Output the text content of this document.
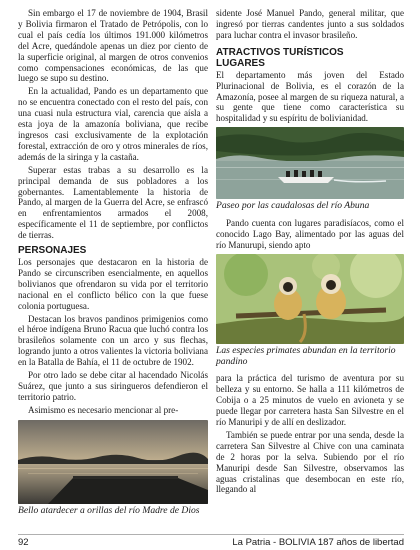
Sin embargo el 17 de noviembre de 1904, Brasil y Bolivia firmaron el Tratado de Petrópolis, con lo cual el país cedía los últimos 191.000 kilómetros del Acre, quedándole apenas un diez por ciento de la superficie original, al margen de otros convenios como compensaciones económicas, de las que luego se supo su destino.

En la actualidad, Pando es un departamento que no se encuentra conectado con el resto del país, con una cuasi nula estructura vial, carencia que aísla a esta joya de la amazonía boliviana, que recibe ingresos casi exclusivamente de la explotación forestal, extracción de oro y otros minerales de ríos, además de la siringa y la castaña.

Superar estas trabas a su desarrollo es la principal demanda de sus pobladores a los gobernantes. Lamentablemente la historia de Pando, al margen de la Guerra del Acre, se enfrascó en enfrentamientos armados el 2008, específicamente el 11 de septiembre, por conflictos de tierras.

PERSONAJES

Los personajes que destacaron en la historia de Pando se circunscriben esencialmente, en aquellos bolivianos que ofrendaron su vida por el territorio nacional en el conflicto bélico con la que fuese colonia portuguesa.

Destacan los bravos pandinos primigenios como el héroe indígena Bruno Racua que luchó contra los brasileños solamente con un arco y sus flechas, logrando junto a otros valientes la victoria boliviana en la Batalla de Bahía, el 11 de octubre de 1902.

Por otro lado se debe citar al hacendado Nicolás Suárez, que junto a sus siringueros defendieron el territorio patrio.

Asimismo es necesario mencionar al pre-

Bello atardecer a orillas del río Madre de Dios

sidente José Manuel Pando, general militar, que ingresó por tierras candentes junto a sus soldados para luchar contra el invasor brasileño.

ATRACTIVOS TURÍSTICOS
LUGARES

El departamento más joven del Estado Plurinacional de Bolivia, es el corazón de la Amazonía, posee al margen de su riqueza natural, a su gente que tiene como característica su hospitalidad y su espíritu de bolivianidad.

Paseo por las caudalosas del río Abuna

Pando cuenta con lugares paradisíacos, como el conocido Lago Bay, alimentado por las aguas del río Manurupi, siendo apto

Las especies primates abundan en la territorio pandino

para la práctica del turismo de aventura por su belleza y su entorno. Se halla a 111 kilómetros de Cobija o a 25 minutos de vuelo en avioneta y se puede llegar por carretera hasta San Silvestre en el río Manuripi y de allí en deslizador.

También se puede entrar por una senda, desde la carretera San Silvestre al Chive con una caminata de 2 horas por la selva. Subiendo por el río Manuripi desde San Silvestre, observamos las aguas cristalinas que desembocan en este río, llegando al

92	La Patria - BOLIVIA 187 años de libertad
